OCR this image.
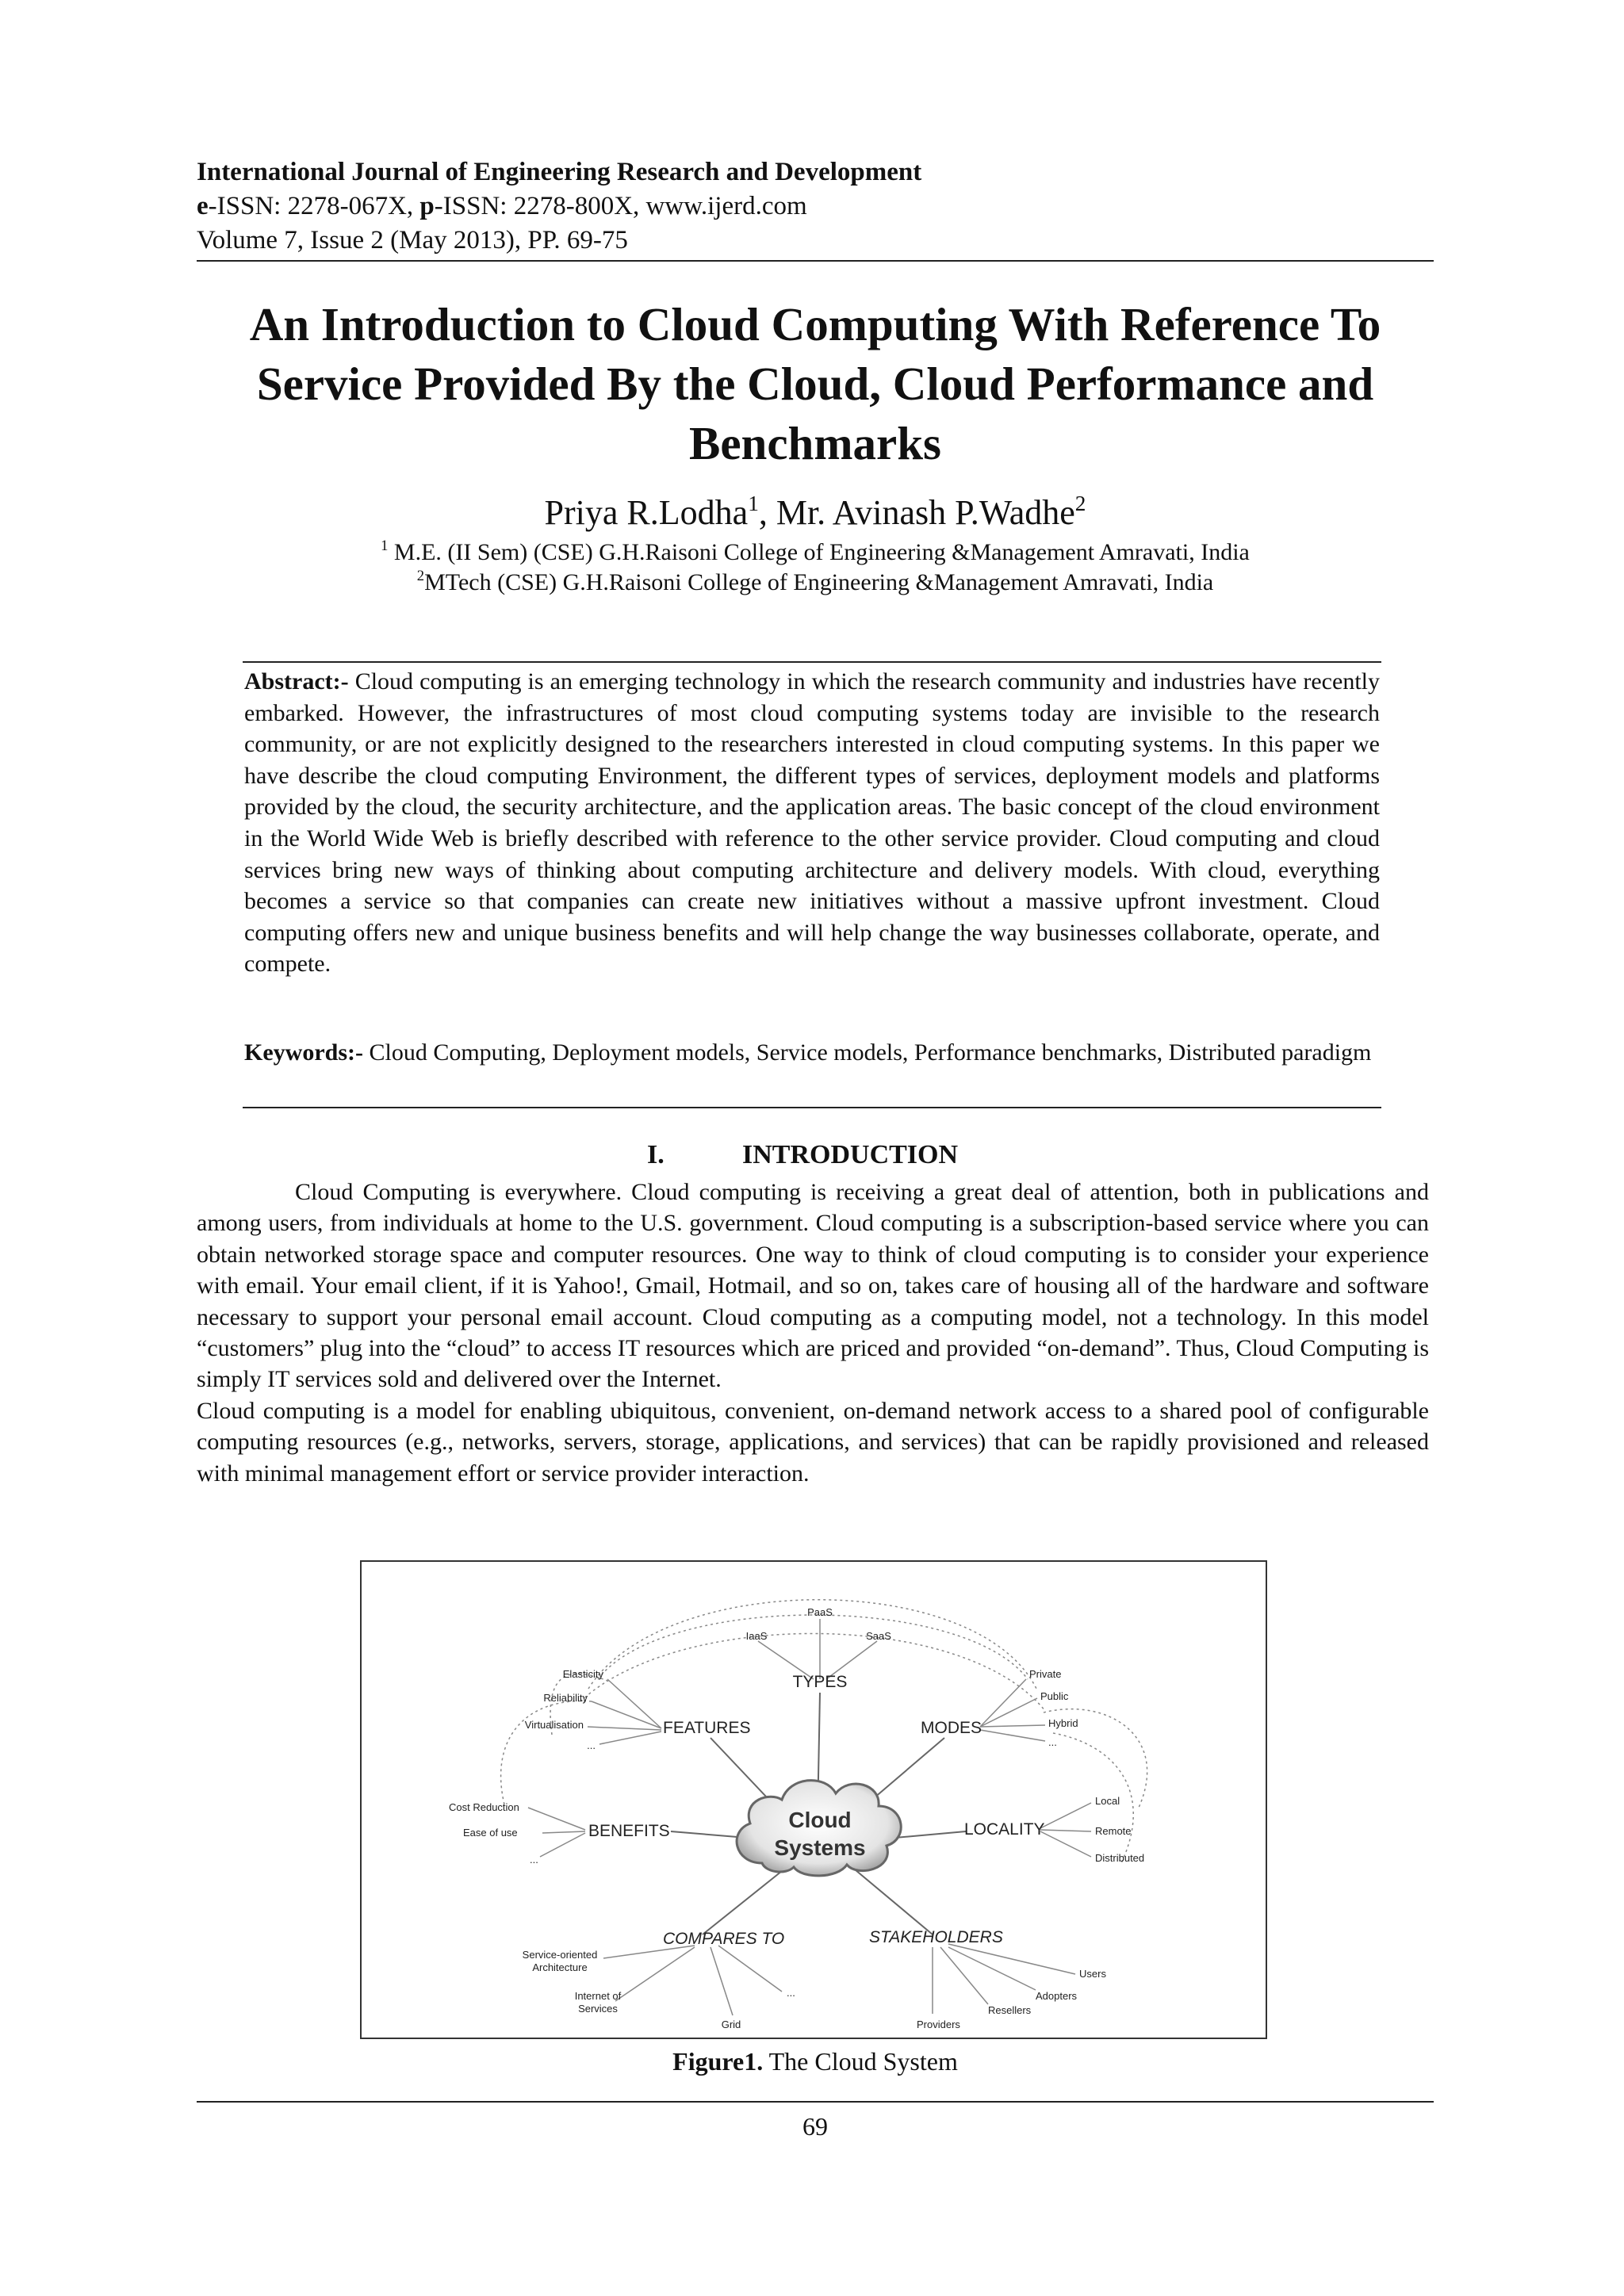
International Journal of Engineering Research and Development
e-ISSN: 2278-067X, p-ISSN: 2278-800X, www.ijerd.com
Volume 7, Issue 2 (May 2013), PP. 69-75
An Introduction to Cloud Computing With Reference To
Service Provided By the Cloud, Cloud Performance and
Benchmarks
Priya R.Lodha$^1$, Mr. Avinash P.Wadhe$^2$
$^1$ M.E. (II Sem) (CSE) G.H.Raisoni College of Engineering &Management Amravati, India
$^2$MTech (CSE) G.H.Raisoni College of Engineering &Management Amravati, India
Abstract:- Cloud computing is an emerging technology in which the research community and industries have recently embarked. However, the infrastructures of most cloud computing systems today are invisible to the research community, or are not explicitly designed to the researchers interested in cloud computing systems. In this paper we have describe the cloud computing Environment, the different types of services, deployment models and platforms provided by the cloud, the security architecture, and the application areas. The basic concept of the cloud environment in the World Wide Web is briefly described with reference to the other service provider. Cloud computing and cloud services bring new ways of thinking about computing architecture and delivery models. With cloud, everything becomes a service so that companies can create new initiatives without a massive upfront investment. Cloud computing offers new and unique business benefits and will help change the way businesses collaborate, operate, and compete.
Keywords:- Cloud Computing, Deployment models, Service models, Performance benchmarks, Distributed paradigm
I.	INTRODUCTION

Cloud Computing is everywhere. Cloud computing is receiving a great deal of attention, both in publications and among users, from individuals at home to the U.S. government. Cloud computing is a subscription-based service where you can obtain networked storage space and computer resources. One way to think of cloud computing is to consider your experience with email. Your email client, if it is Yahoo!, Gmail, Hotmail, and so on, takes care of housing all of the hardware and software necessary to support your personal email account. Cloud computing as a computing model, not a technology. In this model “customers” plug into the “cloud” to access IT resources which are priced and provided “on-demand”. Thus, Cloud Computing is simply IT services sold and delivered over the Internet.

Cloud computing is a model for enabling ubiquitous, convenient, on-demand network access to a shared pool of configurable computing resources (e.g., networks, servers, storage, applications, and services) that can be rapidly provisioned and released with minimal management effort or service provider interaction.

Cloud
Systems
TYPES
FEATURES	MODES
BENEFITS	LOCALITY
COMPARES TO	STAKEHOLDERS
PaaS
IaaS	SaaS
Elasticity
Reliability
Virtualisation
...
Private
Public
Hybrid
...
Cost Reduction
Ease of use
...
Local
Remote
Distributed
Service-oriented
Architecture
Internet of
Services
Grid
...
Users
Adopters
Resellers
Providers
Figure1. The Cloud System
69
